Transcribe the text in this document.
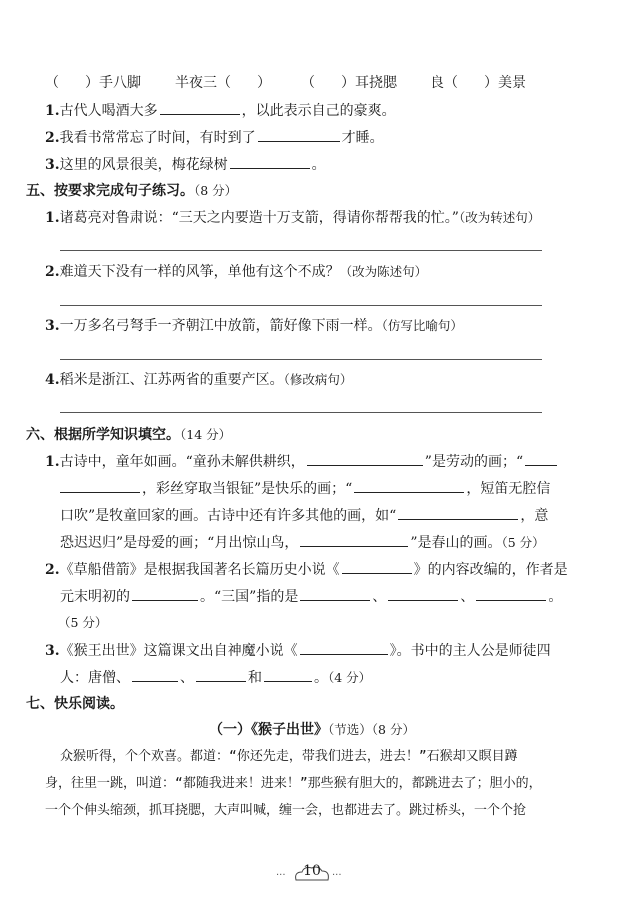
（ ）手八脚 半夜三（ ） （ ）耳挠腮 良（ ）美景
1.古代人喝酒大多	，以此表示自己的豪爽。
2.我看书常常忘了时间，有时到了	才睡。
3.这里的风景很美，梅花绿树	。
五、按要求完成句子练习。（8 分）
1.诸葛亮对鲁肃说：“三天之内要造十万支箭，得请你帮帮我的忙。”（改为转述句）
2.难道天下没有一样的风筝，单他有这个不成？（改为陈述句）
3.一万多名弓弩手一齐朝江中放箭，箭好像下雨一样。（仿写比喻句）
4.稻米是浙江、江苏两省的重要产区。（修改病句）
六、根据所学知识填空。（14 分）
1.古诗中，童年如画。“童孙未解供耕织，	”是劳动的画；“
，彩丝穿取当银钲”是快乐的画；“	，短笛无腔信
口吹”是牧童回家的画。古诗中还有许多其他的画，如“	，意
恐迟迟归”是母爱的画；“月出惊山鸟，	”是春山的画。（5 分）
2.《草船借箭》是根据我国著名长篇历史小说《	》的内容改编的，作者是
元末明初的	。“三国”指的是	、	、	。
（5 分）
3.《猴王出世》这篇课文出自神魔小说《	》。书中的主人公是师徒四
人：唐僧、	、	和	。（4 分）
七、快乐阅读。
（一）《猴子出世》（节选）（8 分）
众猴听得，个个欢喜。都道：“你还先走，带我们进去，进去！”石猴却又瞑目蹲
身，往里一跳，叫道：“都随我进来！进来！”那些猴有胆大的，都跳进去了；胆小的，
一个个伸头缩颈，抓耳挠腮，大声叫喊，缠一会，也都进去了。跳过桥头，一个个抢
···	···
10
